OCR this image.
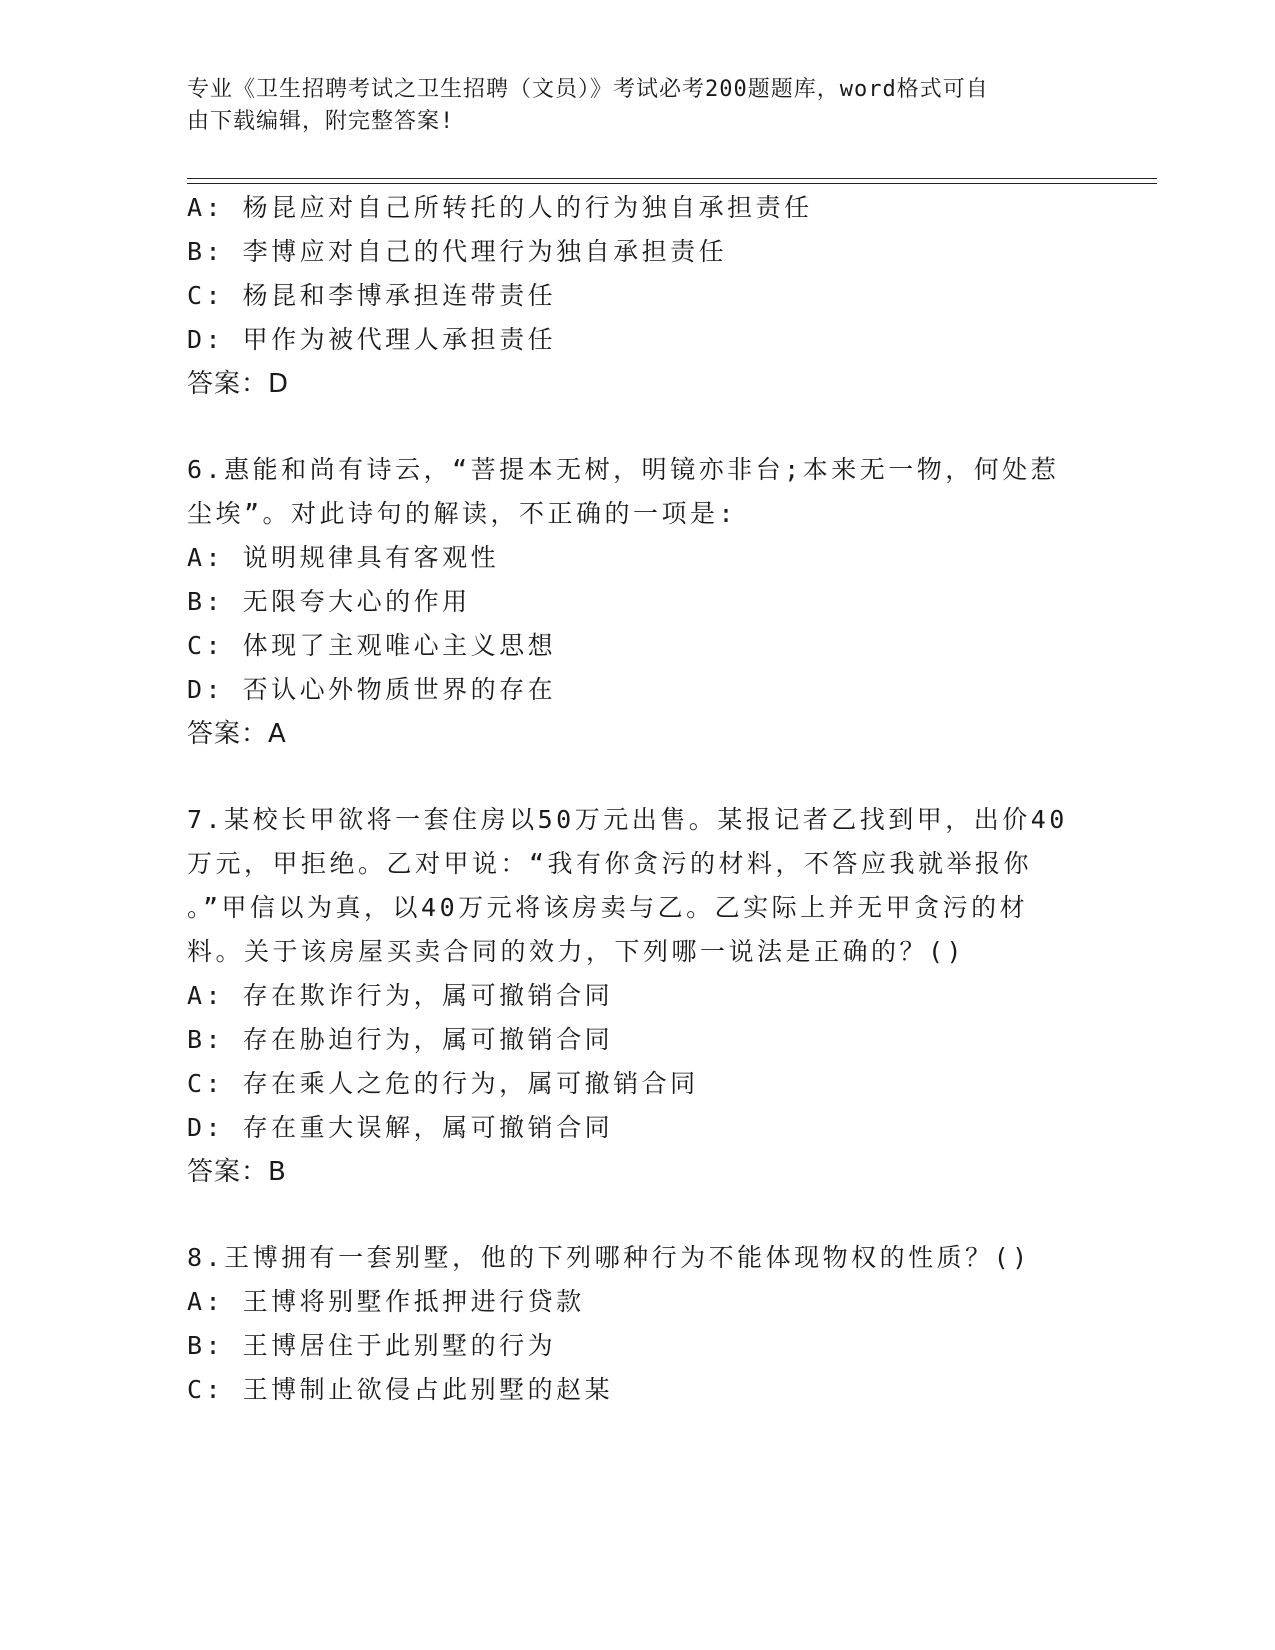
专业《卫生招聘考试之卫生招聘（文员）》考试必考200题题库，word格式可自
由下载编辑，附完整答案!
A: 杨昆应对自己所转托的人的行为独自承担责任
B: 李博应对自己的代理行为独自承担责任
C: 杨昆和李博承担连带责任
D: 甲作为被代理人承担责任
答案：D
6.惠能和尚有诗云，“菩提本无树，明镜亦非台;本来无一物，何处惹
尘埃”。对此诗句的解读，不正确的一项是:
A: 说明规律具有客观性
B: 无限夸大心的作用
C: 体现了主观唯心主义思想
D: 否认心外物质世界的存在
答案：A
7.某校长甲欲将一套住房以50万元出售。某报记者乙找到甲，出价40
万元，甲拒绝。乙对甲说：“我有你贪污的材料，不答应我就举报你
。”甲信以为真，以40万元将该房卖与乙。乙实际上并无甲贪污的材
料。关于该房屋买卖合同的效力，下列哪一说法是正确的？()
A: 存在欺诈行为，属可撤销合同
B: 存在胁迫行为，属可撤销合同
C: 存在乘人之危的行为，属可撤销合同
D: 存在重大误解，属可撤销合同
答案：B
8.王博拥有一套别墅，他的下列哪种行为不能体现物权的性质？()
A: 王博将别墅作抵押进行贷款
B: 王博居住于此别墅的行为
C: 王博制止欲侵占此别墅的赵某
